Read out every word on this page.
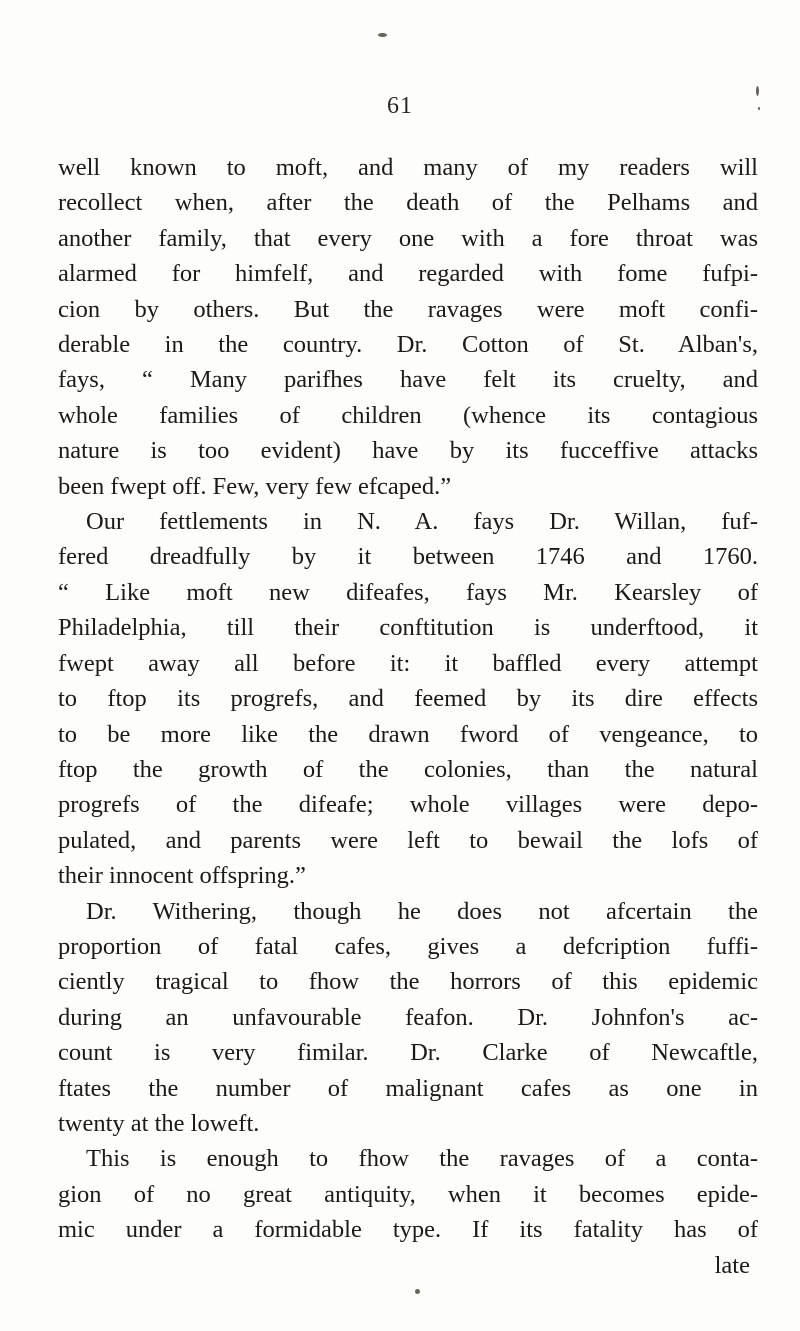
61
well known to moft, and many of my readers will
recollect when, after the death of the Pelhams and
another family, that every one with a fore throat was
alarmed for himfelf, and regarded with fome fufpi-
cion by others. But the ravages were moft confi-
derable in the country. Dr. Cotton of St. Alban's,
fays, “ Many parifhes have felt its cruelty, and
whole families of children (whence its contagious
nature is too evident) have by its fucceffive attacks
been fwept off. Few, very few efcaped.”
Our fettlements in N. A. fays Dr. Willan, fuf-
fered dreadfully by it between 1746 and 1760.
“ Like moft new difeafes, fays Mr. Kearsley of
Philadelphia, till their conftitution is underftood, it
fwept away all before it: it baffled every attempt
to ftop its progrefs, and feemed by its dire effects
to be more like the drawn fword of vengeance, to
ftop the growth of the colonies, than the natural
progrefs of the difeafe; whole villages were depo-
pulated, and parents were left to bewail the lofs of
their innocent offspring.”
Dr. Withering, though he does not afcertain the
proportion of fatal cafes, gives a defcription fuffi-
ciently tragical to fhow the horrors of this epidemic
during an unfavourable feafon. Dr. Johnfon's ac-
count is very fimilar. Dr. Clarke of Newcaftle,
ftates the number of malignant cafes as one in
twenty at the loweft.
This is enough to fhow the ravages of a conta-
gion of no great antiquity, when it becomes epide-
mic under a formidable type. If its fatality has of
late
